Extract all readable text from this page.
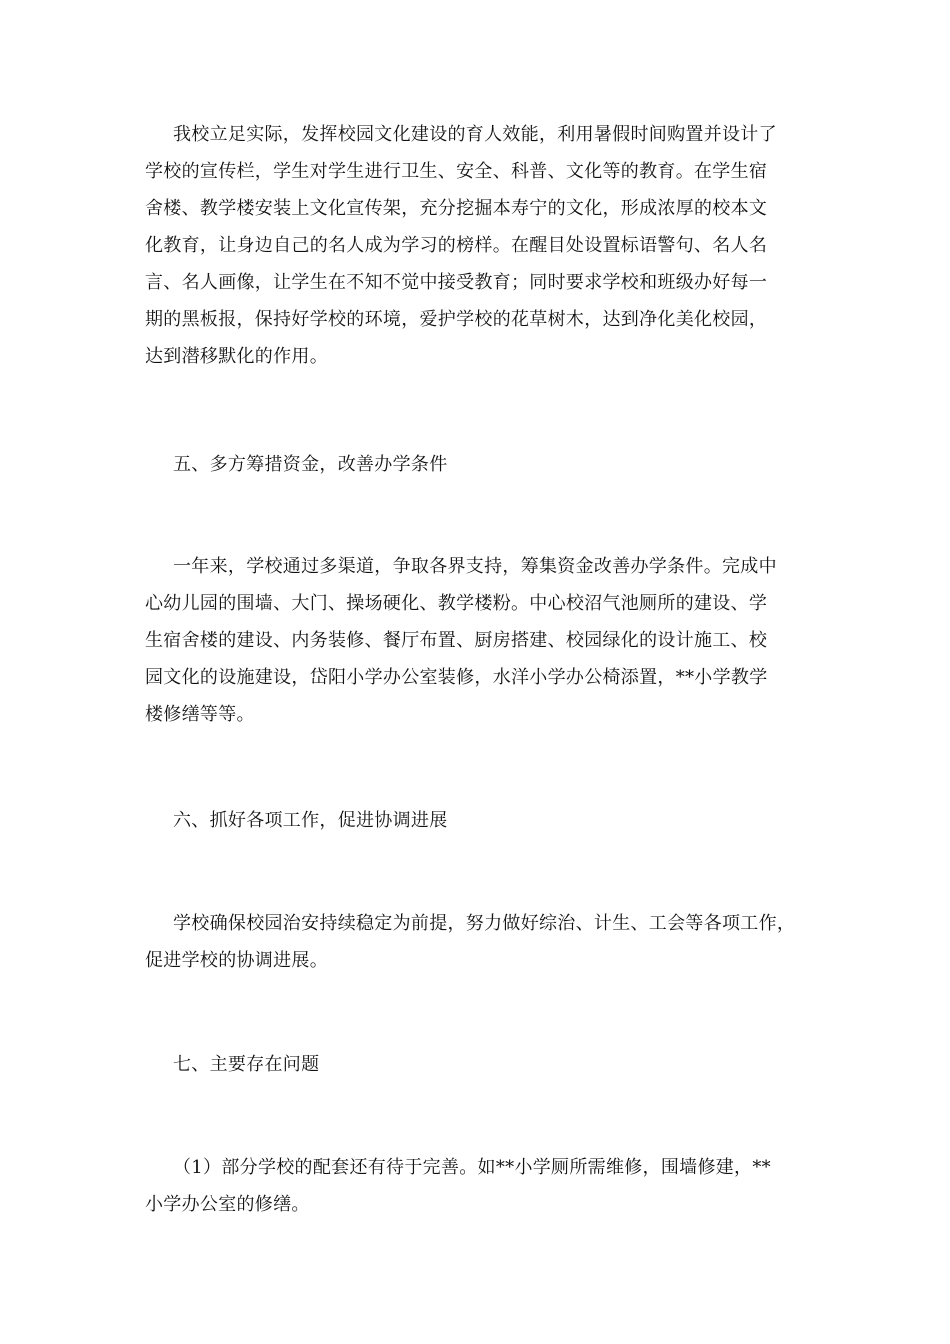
我校立足实际，发挥校园文化建设的育人效能，利用暑假时间购置并设计了
学校的宣传栏，学生对学生进行卫生、安全、科普、文化等的教育。在学生宿
舍楼、教学楼安装上文化宣传架，充分挖掘本寿宁的文化，形成浓厚的校本文
化教育，让身边自己的名人成为学习的榜样。在醒目处设置标语警句、名人名
言、名人画像，让学生在不知不觉中接受教育；同时要求学校和班级办好每一
期的黑板报，保持好学校的环境，爱护学校的花草树木，达到净化美化校园，
达到潜移默化的作用。
五、多方筹措资金，改善办学条件
一年来，学校通过多渠道，争取各界支持，筹集资金改善办学条件。完成中
心幼儿园的围墙、大门、操场硬化、教学楼粉。中心校沼气池厕所的建设、学
生宿舍楼的建设、内务装修、餐厅布置、厨房搭建、校园绿化的设计施工、校
园文化的设施建设，岱阳小学办公室装修，水洋小学办公椅添置，**小学教学
楼修缮等等。
六、抓好各项工作，促进协调进展
学校确保校园治安持续稳定为前提，努力做好综治、计生、工会等各项工作，
促进学校的协调进展。
七、主要存在问题
（1）部分学校的配套还有待于完善。如**小学厕所需维修，围墙修建，**
小学办公室的修缮。
